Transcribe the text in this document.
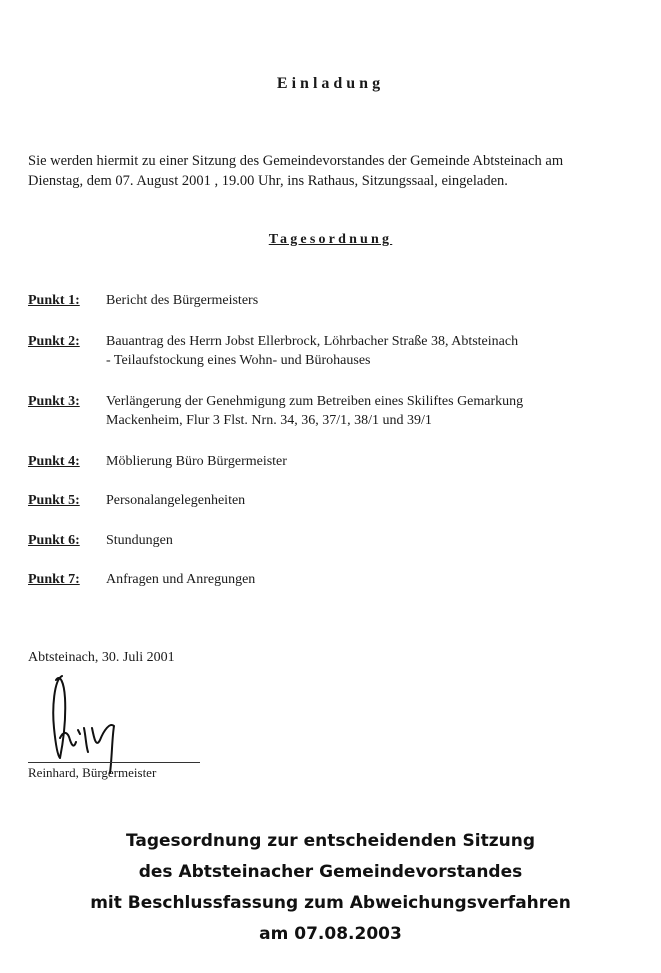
Einladung
Sie werden hiermit zu einer Sitzung des Gemeindevorstandes der Gemeinde Abtsteinach am
Dienstag, dem 07. August 2001 , 19.00 Uhr, ins Rathaus, Sitzungssaal, eingeladen.
Tagesordnung
Punkt 1: Bericht des Bürgermeisters
Punkt 2: Bauantrag des Herrn Jobst Ellerbrock, Löhrbacher Straße 38, Abtsteinach
- Teilaufstockung eines Wohn- und Bürohauses
Punkt 3: Verlängerung der Genehmigung zum Betreiben eines Skiliftes Gemarkung
Mackenheim, Flur 3 Flst. Nrn. 34, 36, 37/1, 38/1 und 39/1
Punkt 4: Möblierung Büro Bürgermeister
Punkt 5: Personalangelegenheiten
Punkt 6: Stundungen
Punkt 7: Anfragen und Anregungen
Abtsteinach, 30. Juli 2001
Reinhard, Bürgermeister
Tagesordnung zur entscheidenden Sitzung
des Abtsteinacher Gemeindevorstandes
mit Beschlussfassung zum Abweichungsverfahren
am 07.08.2003
